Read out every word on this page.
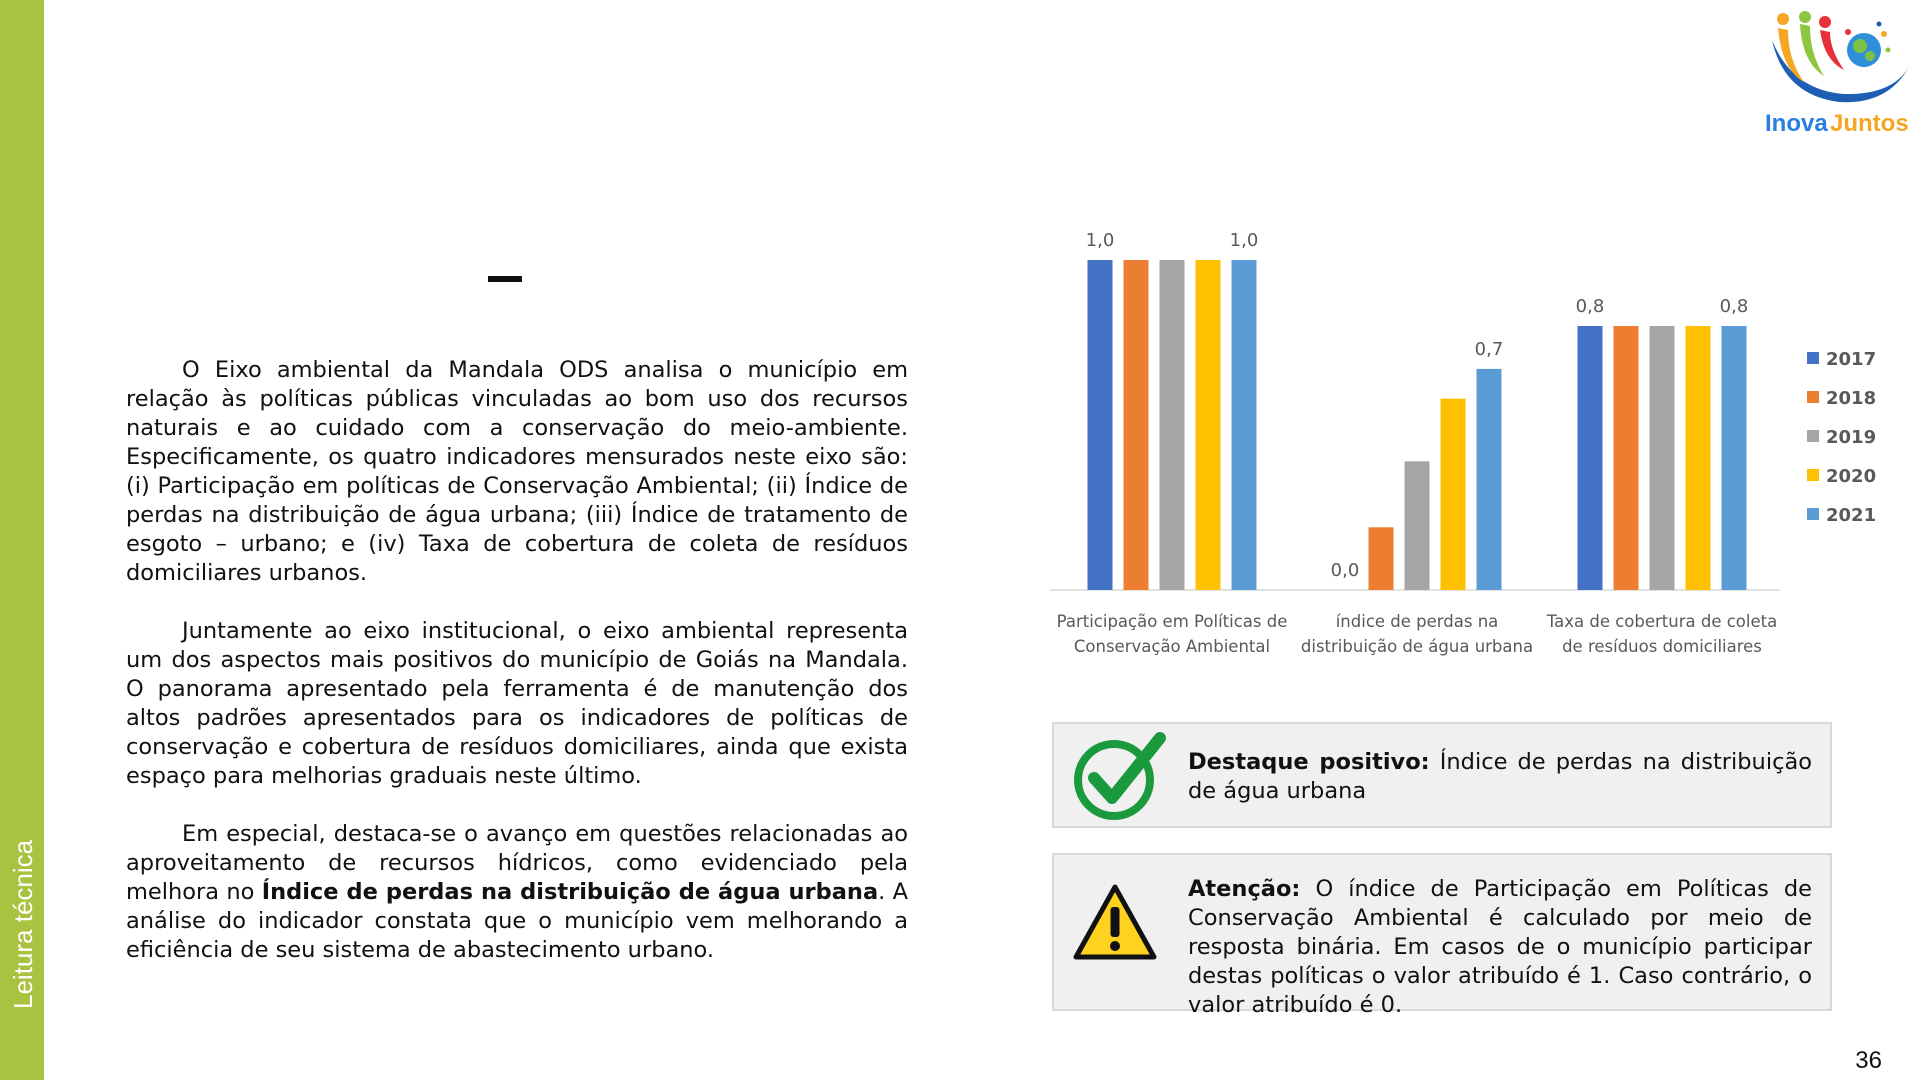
Leitura técnica
Inova Juntos

O Eixo ambiental da Mandala ODS analisa o município em relação às políticas públicas vinculadas ao bom uso dos recursos naturais e ao cuidado com a conservação do meio-ambiente. Especificamente, os quatro indicadores mensurados neste eixo são: (i) Participação em políticas de Conservação Ambiental; (ii) Índice de perdas na distribuição de água urbana; (iii) Índice de tratamento de esgoto – urbano; e (iv) Taxa de cobertura de coleta de resíduos domiciliares urbanos.

Juntamente ao eixo institucional, o eixo ambiental representa um dos aspectos mais positivos do município de Goiás na Mandala. O panorama apresentado pela ferramenta é de manutenção dos altos padrões apresentados para os indicadores de políticas de conservação e cobertura de resíduos domiciliares, ainda que exista espaço para melhorias graduais neste último.

Em especial, destaca-se o avanço em questões relacionadas ao aproveitamento de recursos hídricos, como evidenciado pela melhora no Índice de perdas na distribuição de água urbana. A análise do indicador constata que o município vem melhorando a eficiência de seu sistema de abastecimento urbano.

1,0	1,0
Participação em Políticas de
Conservação Ambiental
0,0
0,7
índice de perdas na
distribuição de água urbana
0,8	0,8
Taxa de cobertura de coleta
de resíduos domiciliares
2017
2018
2019
2020
2021
Destaque positivo: Índice de perdas na distribuição de água urbana
Atenção: O índice de Participação em Políticas de Conservação Ambiental é calculado por meio de resposta binária. Em casos de o município participar destas políticas o valor atribuído é 1. Caso contrário, o valor atribuído é 0.
36
